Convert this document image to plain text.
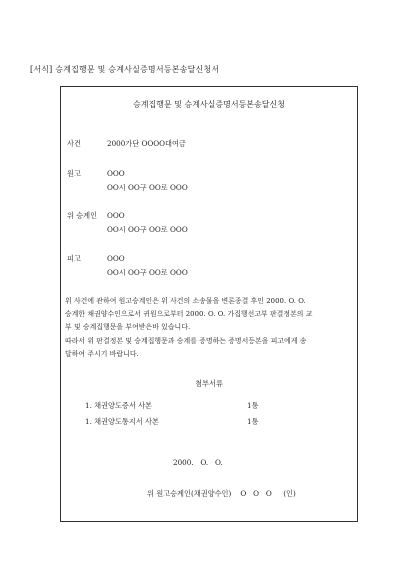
[서식] 승계집행문 및 승계사실증명서등본송달신청서
승계집행문 및 승계사실증명서등본송달신청
사건	2000가단 OOOO대여금
원고	OOO
OO시 OO구 OO로 OOO
위 승계인 OOO
OO시 OO구 OO로 OOO
피고	OOO
OO시 OO구 OO로 OOO
위 사건에 관하여 원고승계인은 위 사건의 소송물을 변론종결 후인 2000. O. O.
승계한 채권양수인으로서 귀원으로부터 2000. O. O. 가집행선고부 판결정본의 교
부 및 승계집행문을 부여받은바 있습니다.
따라서 위 판결정본 및 승계집행문과 승계를 증명하는 증명서등본을 피고에게 송
달하여 주시기 바랍니다.
첨부서류
1. 채권양도증서 사본	1통
1. 채권양도통지서 사본	1통
2000.   O.   O.
위 원고승계인(채권양수인)    O   O   O     (인)
